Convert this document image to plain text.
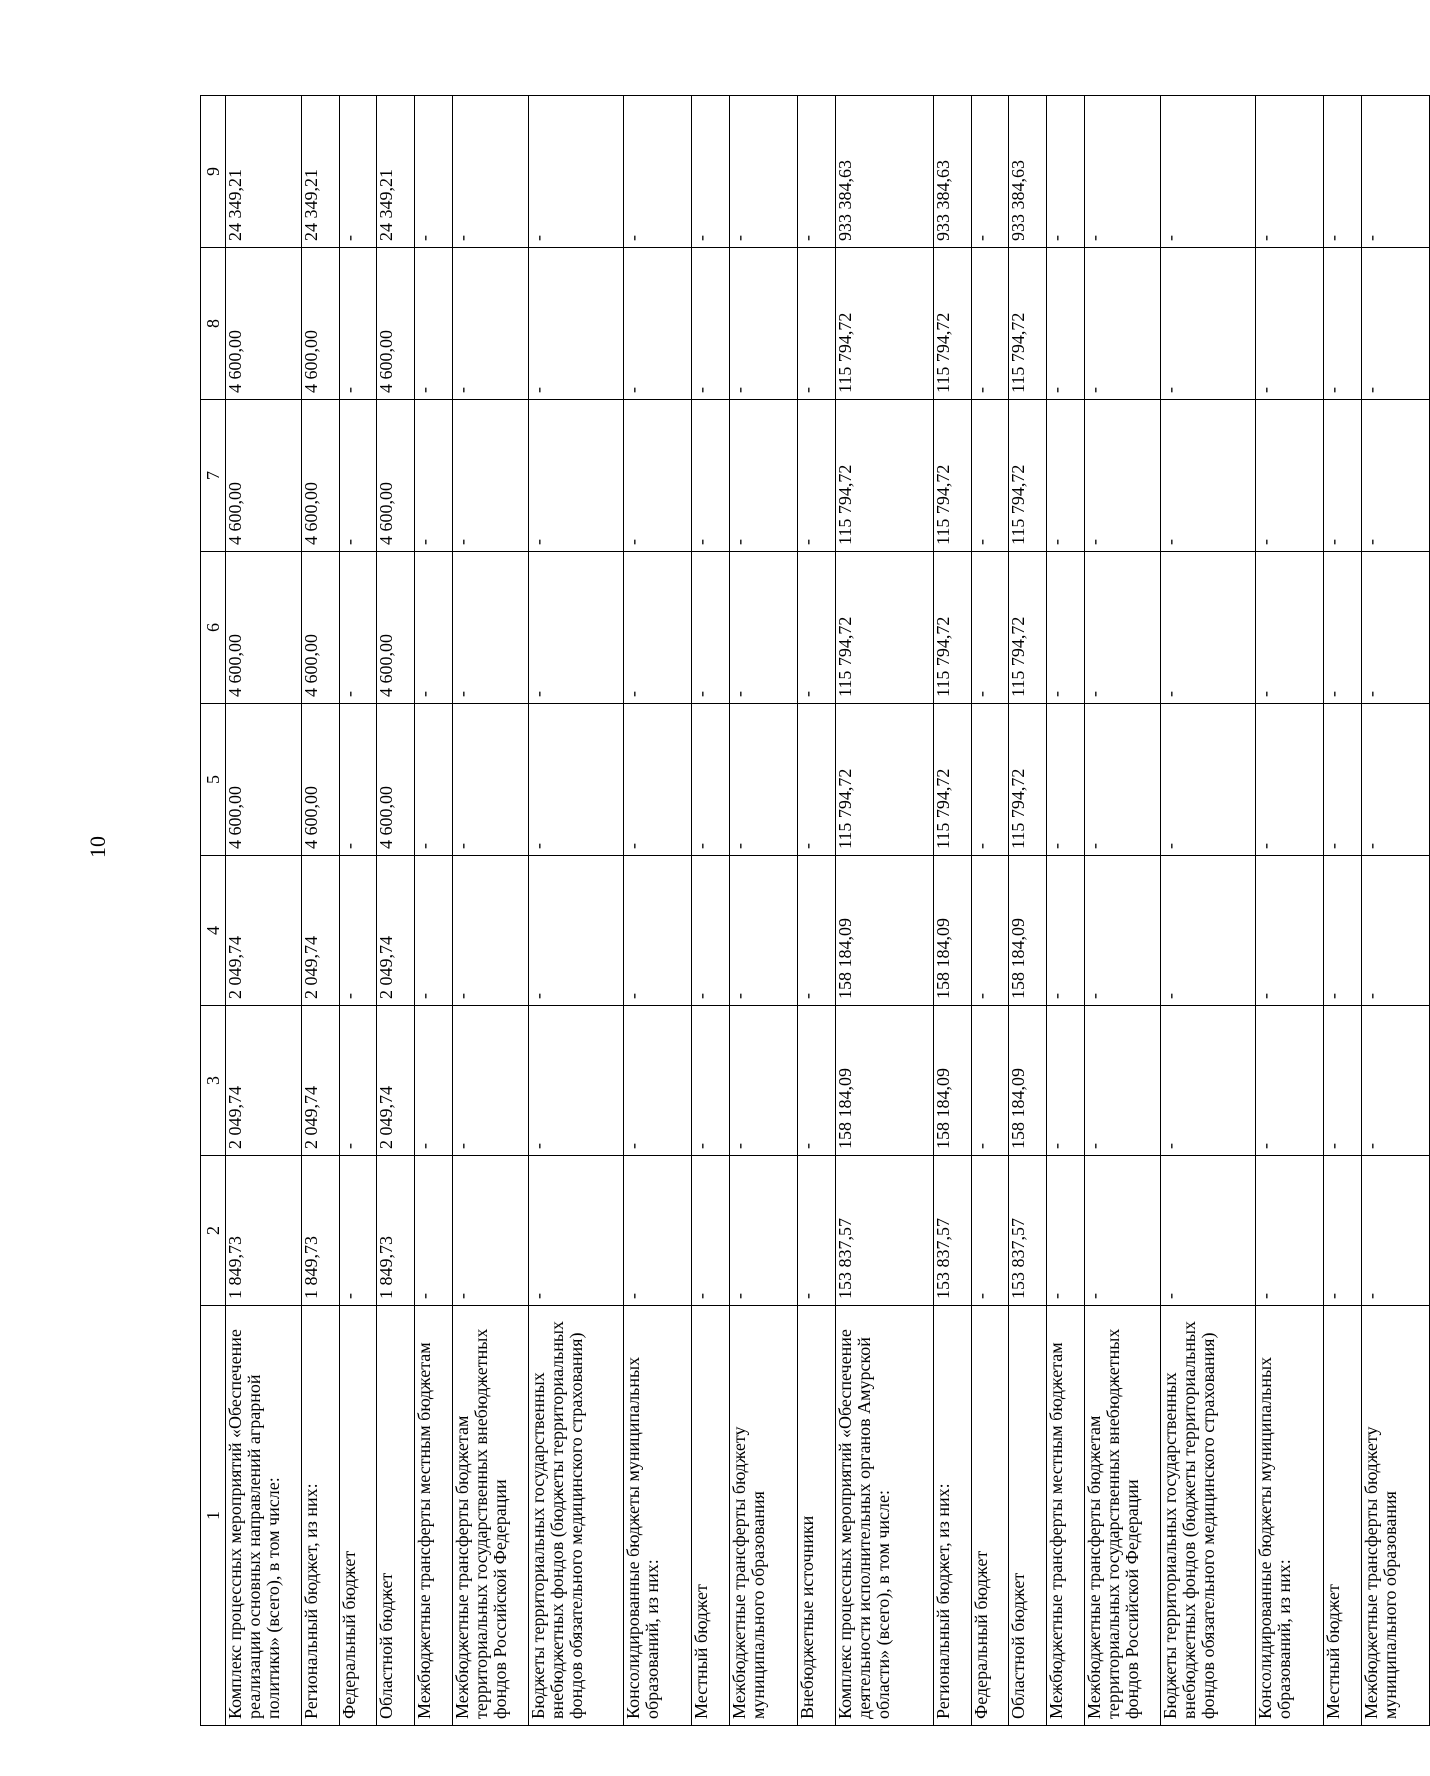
10
1	2	3	4	5	6	7	8	9
Комплекс процессных мероприятий «Обеспечение реализации основных направлений аграрной политики» (всего), в том числе:	1 849,73	2 049,74	2 049,74	4 600,00	4 600,00	4 600,00	4 600,00	24 349,21
Региональный бюджет, из них:	1 849,73	2 049,74	2 049,74	4 600,00	4 600,00	4 600,00	4 600,00	24 349,21
Федеральный бюджет	-	-	-	-	-	-	-	-
Областной бюджет	1 849,73	2 049,74	2 049,74	4 600,00	4 600,00	4 600,00	4 600,00	24 349,21
Межбюджетные трансферты местным бюджетам	-	-	-	-	-	-	-	-
Межбюджетные трансферты бюджетам территориальных государственных внебюджетных фондов Российской Федерации	-	-	-	-	-	-	-	-
Бюджеты территориальных государственных внебюджетных фондов (бюджеты территориальных фондов обязательного медицинского страхования)	-	-	-	-	-	-	-	-
Консолидированные бюджеты муниципальных образований, из них:	-	-	-	-	-	-	-	-
Местный бюджет	-	-	-	-	-	-	-	-
Межбюджетные трансферты бюджету муниципального образования	-	-	-	-	-	-	-	-
Внебюджетные источники	-	-	-	-	-	-	-	-
Комплекс процессных мероприятий «Обеспечение деятельности исполнительных органов Амурской области» (всего), в том числе:	153 837,57	158 184,09	158 184,09	115 794,72	115 794,72	115 794,72	115 794,72	933 384,63
Региональный бюджет, из них:	153 837,57	158 184,09	158 184,09	115 794,72	115 794,72	115 794,72	115 794,72	933 384,63
Федеральный бюджет	-	-	-	-	-	-	-	-
Областной бюджет	153 837,57	158 184,09	158 184,09	115 794,72	115 794,72	115 794,72	115 794,72	933 384,63
Межбюджетные трансферты местным бюджетам	-	-	-	-	-	-	-	-
Межбюджетные трансферты бюджетам территориальных государственных внебюджетных фондов Российской Федерации	-	-	-	-	-	-	-	-
Бюджеты территориальных государственных внебюджетных фондов (бюджеты территориальных фондов обязательного медицинского страхования)	-	-	-	-	-	-	-	-
Консолидированные бюджеты муниципальных образований, из них:	-	-	-	-	-	-	-	-
Местный бюджет	-	-	-	-	-	-	-	-
Межбюджетные трансферты бюджету муниципального образования	-	-	-	-	-	-	-	-
